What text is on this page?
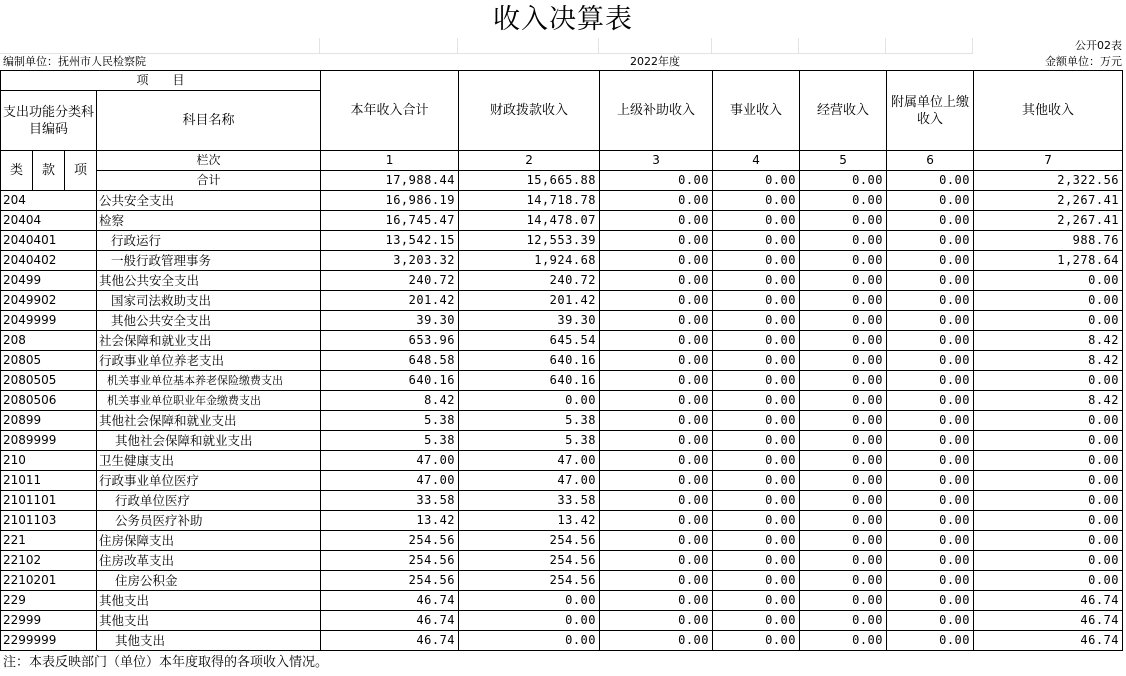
收入决算表
公开02表
编制单位：抚州市人民检察院	2022年度	金额单位：万元
项　　目				本年收入合计	财政拨款收入	上级补助收入	事业收入	经营收入	附属单位上缴收入	其他收入
支出功能分类科目编码			科目名称							

类	款	项	栏次	1	2	3	4	5	6	7
			合计	17,988.44	15,665.88	0.00	0.00	0.00	0.00	2,322.56
204			公共安全支出	16,986.19	14,718.78	0.00	0.00	0.00	0.00	2,267.41
20404			检察	16,745.47	14,478.07	0.00	0.00	0.00	0.00	2,267.41
2040401			行政运行	13,542.15	12,553.39	0.00	0.00	0.00	0.00	988.76
2040402			一般行政管理事务	3,203.32	1,924.68	0.00	0.00	0.00	0.00	1,278.64
20499			其他公共安全支出	240.72	240.72	0.00	0.00	0.00	0.00	0.00
2049902			国家司法救助支出	201.42	201.42	0.00	0.00	0.00	0.00	0.00
2049999			其他公共安全支出	39.30	39.30	0.00	0.00	0.00	0.00	0.00
208			社会保障和就业支出	653.96	645.54	0.00	0.00	0.00	0.00	8.42
20805			行政事业单位养老支出	648.58	640.16	0.00	0.00	0.00	0.00	8.42
2080505			机关事业单位基本养老保险缴费支出	640.16	640.16	0.00	0.00	0.00	0.00	0.00
2080506			机关事业单位职业年金缴费支出	8.42	0.00	0.00	0.00	0.00	0.00	8.42
20899			其他社会保障和就业支出	5.38	5.38	0.00	0.00	0.00	0.00	0.00
2089999			其他社会保障和就业支出	5.38	5.38	0.00	0.00	0.00	0.00	0.00
210			卫生健康支出	47.00	47.00	0.00	0.00	0.00	0.00	0.00
21011			行政事业单位医疗	47.00	47.00	0.00	0.00	0.00	0.00	0.00
2101101			行政单位医疗	33.58	33.58	0.00	0.00	0.00	0.00	0.00
2101103			公务员医疗补助	13.42	13.42	0.00	0.00	0.00	0.00	0.00
221			住房保障支出	254.56	254.56	0.00	0.00	0.00	0.00	0.00
22102			住房改革支出	254.56	254.56	0.00	0.00	0.00	0.00	0.00
2210201			住房公积金	254.56	254.56	0.00	0.00	0.00	0.00	0.00
229			其他支出	46.74	0.00	0.00	0.00	0.00	0.00	46.74
22999			其他支出	46.74	0.00	0.00	0.00	0.00	0.00	46.74
2299999			其他支出	46.74	0.00	0.00	0.00	0.00	0.00	46.74
注：本表反映部门（单位）本年度取得的各项收入情况。
